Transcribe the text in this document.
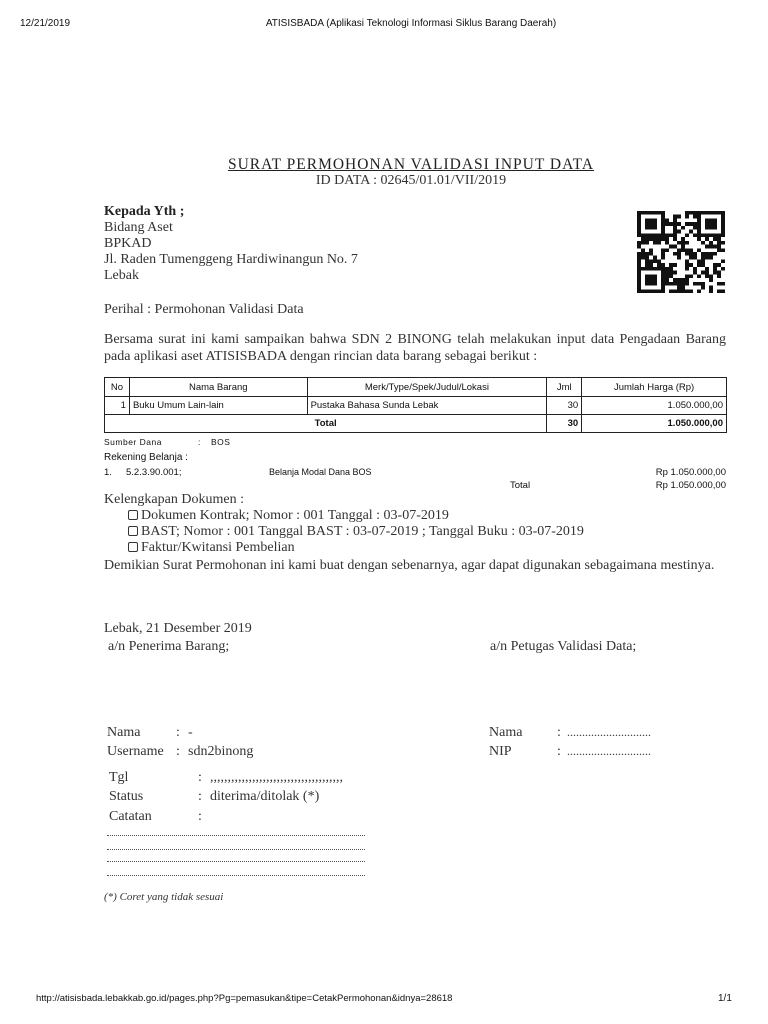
12/21/2019	ATISISBADA (Aplikasi Teknologi Informasi Siklus Barang Daerah)
SURAT PERMOHONAN VALIDASI INPUT DATA
ID DATA : 02645/01.01/VII/2019
Kepada Yth ;
Bidang Aset
BPKAD
Jl. Raden Tumenggeng Hardiwinangun No. 7
Lebak
Perihal : Permohonan Validasi Data
Bersama surat ini kami sampaikan bahwa SDN 2 BINONG telah melakukan input data Pengadaan Barang pada aplikasi aset ATISISBADA dengan rincian data barang sebagai berikut :
No	Nama Barang	Merk/Type/Spek/Judul/Lokasi	Jml	Jumlah Harga (Rp)
1	Buku Umum Lain-lain	Pustaka Bahasa Sunda Lebak	30	1.050.000,00
Total			30	1.050.000,00
Sumber Dana	: BOS
Rekening Belanja :
1. 5.2.3.90.001;	Belanja Modal Dana BOS	Rp 1.050.000,00
Total	Rp 1.050.000,00
Kelengkapan Dokumen :
Dokumen Kontrak; Nomor : 001 Tanggal : 03-07-2019
BAST; Nomor : 001 Tanggal BAST : 03-07-2019 ; Tanggal Buku : 03-07-2019
Faktur/Kwitansi Pembelian
Demikian Surat Permohonan ini kami buat dengan sebenarnya, agar dapat digunakan sebagaimana mestinya.
Lebak, 21 Desember 2019
a/n Penerima Barang;	a/n Petugas Validasi Data;
Nama	: -
Username : sdn2binong
Nama : ............................
NIP	: ............................
Tgl	: ,,,,,,,,,,,,,,,,,,,,,,,,,,,,,,,,,,,,,,
Status	: diterima/ditolak (*)
Catatan	:
(*) Coret yang tidak sesuai
http://atisisbada.lebakkab.go.id/pages.php?Pg=pemasukan&tipe=CetakPermohonan&idnya=28618	1/1
